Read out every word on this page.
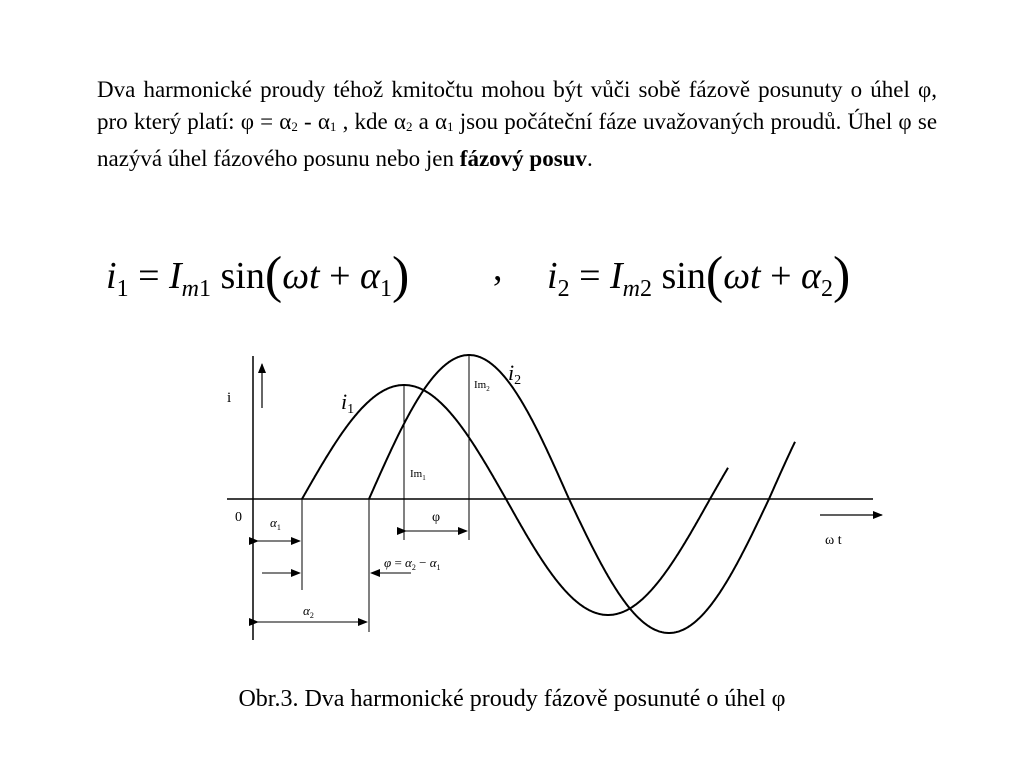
Dva harmonické proudy téhož kmitočtu mohou být vůči sobě fázově posunuty o úhel φ, pro který platí: $\varphi = \alpha_2 - \alpha_1$ , kde $\alpha_2$ a $\alpha_1$ jsou počáteční fáze uvažovaných proudů. Úhel φ se nazývá úhel fázového posunu nebo jen fázový posuv.
$i_1 = I_{m1}$ $\sin(\omega t + \alpha_1)$ , $i_2 = I_{m2}$ $\sin(\omega t + \alpha_2)$
i
0
ω t
i1
i2
$Im_2$
$Im_1$
$\alpha_1$
φ
$\varphi = \alpha_2 - \alpha_1$
$\alpha_2$
Obr.3. Dva harmonické proudy fázově posunuté o úhel φ
